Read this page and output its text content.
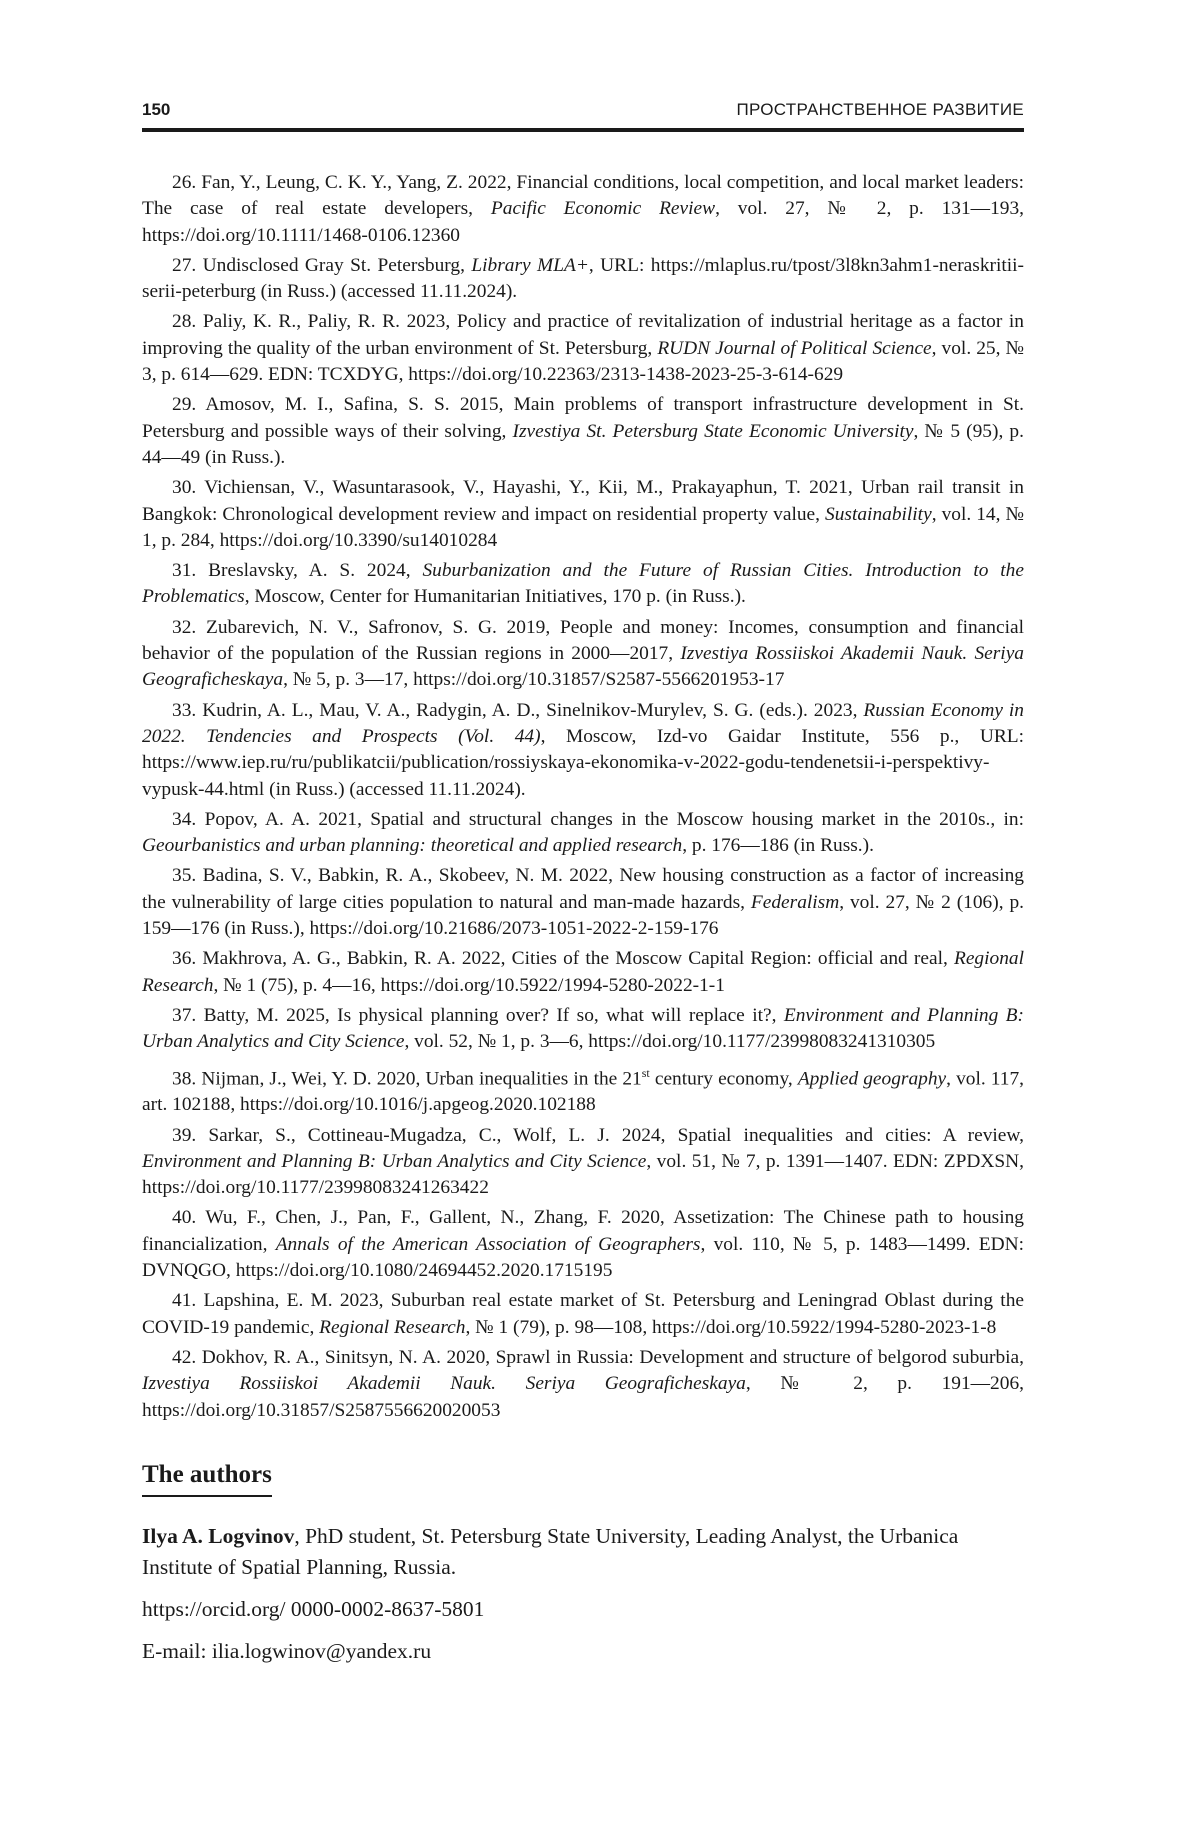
150	ПРОСТРАНСТВЕННОЕ РАЗВИТИЕ

26. Fan, Y., Leung, C. K. Y., Yang, Z. 2022, Financial conditions, local competition, and local market leaders: The case of real estate developers, Pacific Economic Review, vol. 27, № 2, p. 131—193, https://doi.org/10.1111/1468-0106.12360

27. Undisclosed Gray St. Petersburg, Library MLA+, URL: https://mlaplus.ru/tpost/3l8kn3ahm1-neraskritii-serii-peterburg (in Russ.) (accessed 11.11.2024).

28. Paliy, K. R., Paliy, R. R. 2023, Policy and practice of revitalization of industrial heritage as a factor in improving the quality of the urban environment of St. Petersburg, RUDN Journal of Political Science, vol. 25, № 3, p. 614—629. EDN: TCXDYG, https://doi.org/10.22363/2313-1438-2023-25-3-614-629

29. Amosov, M. I., Safina, S. S. 2015, Main problems of transport infrastructure development in St. Petersburg and possible ways of their solving, Izvestiya St. Petersburg State Economic University, № 5 (95), p. 44—49 (in Russ.).

30. Vichiensan, V., Wasuntarasook, V., Hayashi, Y., Kii, M., Prakayaphun, T. 2021, Urban rail transit in Bangkok: Chronological development review and impact on residential property value, Sustainability, vol. 14, № 1, p. 284, https://doi.org/10.3390/su14010284

31. Breslavsky, A. S. 2024, Suburbanization and the Future of Russian Cities. Introduction to the Problematics, Moscow, Center for Humanitarian Initiatives, 170 p. (in Russ.).

32. Zubarevich, N. V., Safronov, S. G. 2019, People and money: Incomes, consumption and financial behavior of the population of the Russian regions in 2000—2017, Izvestiya Rossiiskoi Akademii Nauk. Seriya Geograficheskaya, № 5, p. 3—17, https://doi.org/10.31857/S2587-5566201953-17

33. Kudrin, A. L., Mau, V. A., Radygin, A. D., Sinelnikov-Murylev, S. G. (eds.). 2023, Russian Economy in 2022. Tendencies and Prospects (Vol. 44), Moscow, Izd-vo Gaidar Institute, 556 p., URL: https://www.iep.ru/ru/publikatcii/publication/rossiyskaya-ekonomika-v-2022-godu-tendenetsii-i-perspektivy-vypusk-44.html (in Russ.) (accessed 11.11.2024).

34. Popov, A. A. 2021, Spatial and structural changes in the Moscow housing market in the 2010s., in: Geourbanistics and urban planning: theoretical and applied research, p. 176—186 (in Russ.).

35. Badina, S. V., Babkin, R. A., Skobeev, N. M. 2022, New housing construction as a factor of increasing the vulnerability of large cities population to natural and man-made hazards, Federalism, vol. 27, № 2 (106), p. 159—176 (in Russ.), https://doi.org/10.21686/2073-1051-2022-2-159-176

36. Makhrova, A. G., Babkin, R. A. 2022, Cities of the Moscow Capital Region: official and real, Regional Research, № 1 (75), p. 4—16, https://doi.org/10.5922/1994-5280-2022-1-1

37. Batty, M. 2025, Is physical planning over? If so, what will replace it?, Environment and Planning B: Urban Analytics and City Science, vol. 52, № 1, p. 3—6, https://doi.org/10.1177/23998083241310305

38. Nijman, J., Wei, Y. D. 2020, Urban inequalities in the 21st century economy, Applied geography, vol. 117, art. 102188, https://doi.org/10.1016/j.apgeog.2020.102188

39. Sarkar, S., Cottineau-Mugadza, C., Wolf, L. J. 2024, Spatial inequalities and cities: A review, Environment and Planning B: Urban Analytics and City Science, vol. 51, № 7, p. 1391—1407. EDN: ZPDXSN, https://doi.org/10.1177/23998083241263422

40. Wu, F., Chen, J., Pan, F., Gallent, N., Zhang, F. 2020, Assetization: The Chinese path to housing financialization, Annals of the American Association of Geographers, vol. 110, № 5, p. 1483—1499. EDN: DVNQGO, https://doi.org/10.1080/24694452.2020.1715195

41. Lapshina, E. M. 2023, Suburban real estate market of St. Petersburg and Leningrad Oblast during the COVID-19 pandemic, Regional Research, № 1 (79), p. 98—108, https://doi.org/10.5922/1994-5280-2023-1-8

42. Dokhov, R. A., Sinitsyn, N. A. 2020, Sprawl in Russia: Development and structure of belgorod suburbia, Izvestiya Rossiiskoi Akademii Nauk. Seriya Geograficheskaya, № 2, p. 191—206, https://doi.org/10.31857/S2587556620020053

The authors

Ilya A. Logvinov, PhD student, St. Petersburg State University, Leading Analyst, the Urbanica Institute of Spatial Planning, Russia.

https://orcid.org/ 0000-0002-8637-5801

E-mail: ilia.logwinov@yandex.ru
